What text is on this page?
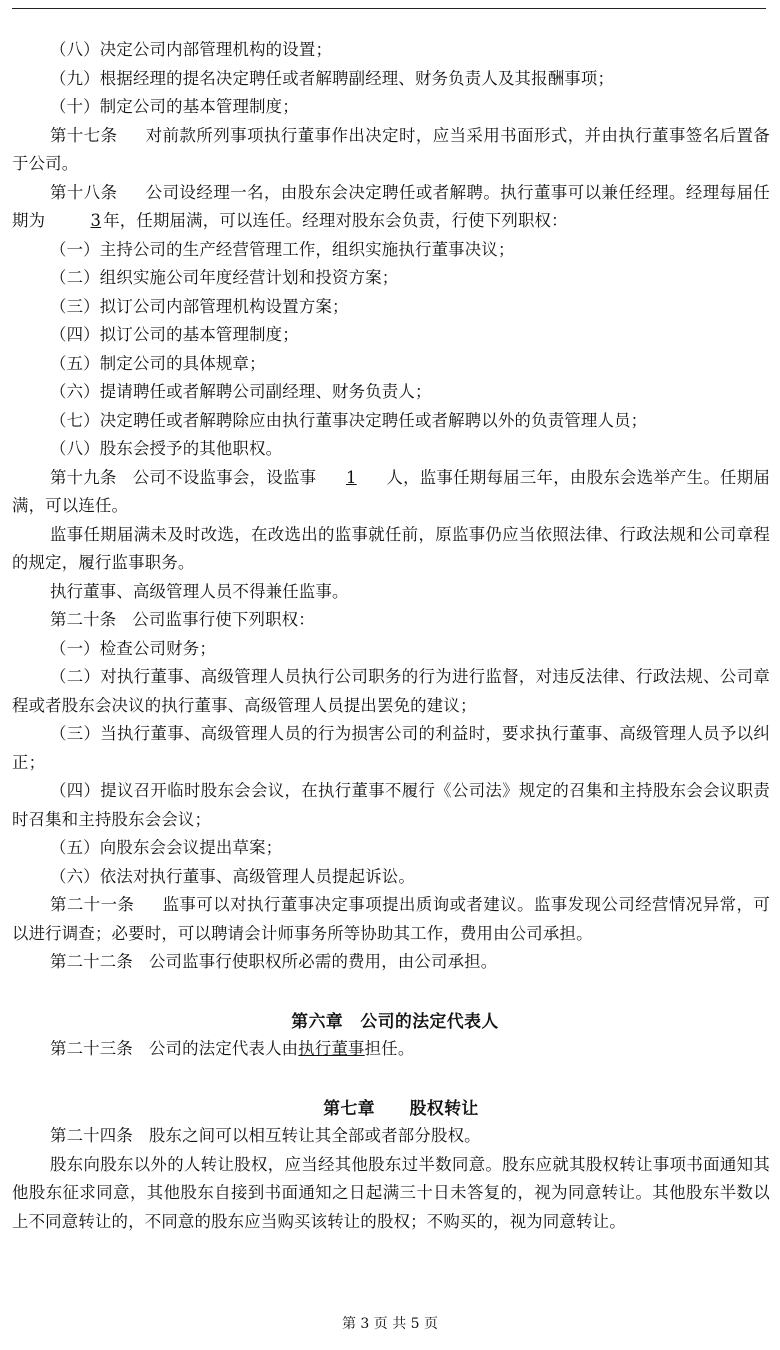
（八）决定公司内部管理机构的设置；

（九）根据经理的提名决定聘任或者解聘副经理、财务负责人及其报酬事项；

（十）制定公司的基本管理制度；

第十七条 对前款所列事项执行董事作出决定时，应当采用书面形式，并由执行董事签名后置备于公司。

第十八条 公司设经理一名，由股东会决定聘任或者解聘。执行董事可以兼任经理。经理每届任期为	3 年，任期届满，可以连任。经理对股东会负责，行使下列职权：

（一）主持公司的生产经营管理工作，组织实施执行董事决议；

（二）组织实施公司年度经营计划和投资方案；

（三）拟订公司内部管理机构设置方案；

（四）拟订公司的基本管理制度；

（五）制定公司的具体规章；

（六）提请聘任或者解聘公司副经理、财务负责人；

（七）决定聘任或者解聘除应由执行董事决定聘任或者解聘以外的负责管理人员；

（八）股东会授予的其他职权。

第十九条 公司不设监事会，设监事 1 人，监事任期每届三年，由股东会选举产生。任期届满，可以连任。

监事任期届满未及时改选，在改选出的监事就任前，原监事仍应当依照法律、行政法规和公司章程的规定，履行监事职务。

执行董事、高级管理人员不得兼任监事。

第二十条 公司监事行使下列职权：

（一）检查公司财务；

（二）对执行董事、高级管理人员执行公司职务的行为进行监督，对违反法律、行政法规、公司章程或者股东会决议的执行董事、高级管理人员提出罢免的建议；

（三）当执行董事、高级管理人员的行为损害公司的利益时，要求执行董事、高级管理人员予以纠正；

（四）提议召开临时股东会会议，在执行董事不履行《公司法》规定的召集和主持股东会会议职责时召集和主持股东会会议；

（五）向股东会会议提出草案；

（六）依法对执行董事、高级管理人员提起诉讼。

第二十一条 监事可以对执行董事决定事项提出质询或者建议。监事发现公司经营情况异常，可以进行调查；必要时，可以聘请会计师事务所等协助其工作，费用由公司承担。

第二十二条 公司监事行使职权所必需的费用，由公司承担。

第六章　公司的法定代表人

第二十三条 公司的法定代表人由执行董事担任。

第七章　　股权转让

第二十四条 股东之间可以相互转让其全部或者部分股权。

股东向股东以外的人转让股权，应当经其他股东过半数同意。股东应就其股权转让事项书面通知其他股东征求同意，其他股东自接到书面通知之日起满三十日未答复的，视为同意转让。其他股东半数以上不同意转让的，不同意的股东应当购买该转让的股权；不购买的，视为同意转让。

第 3 页 共 5 页
